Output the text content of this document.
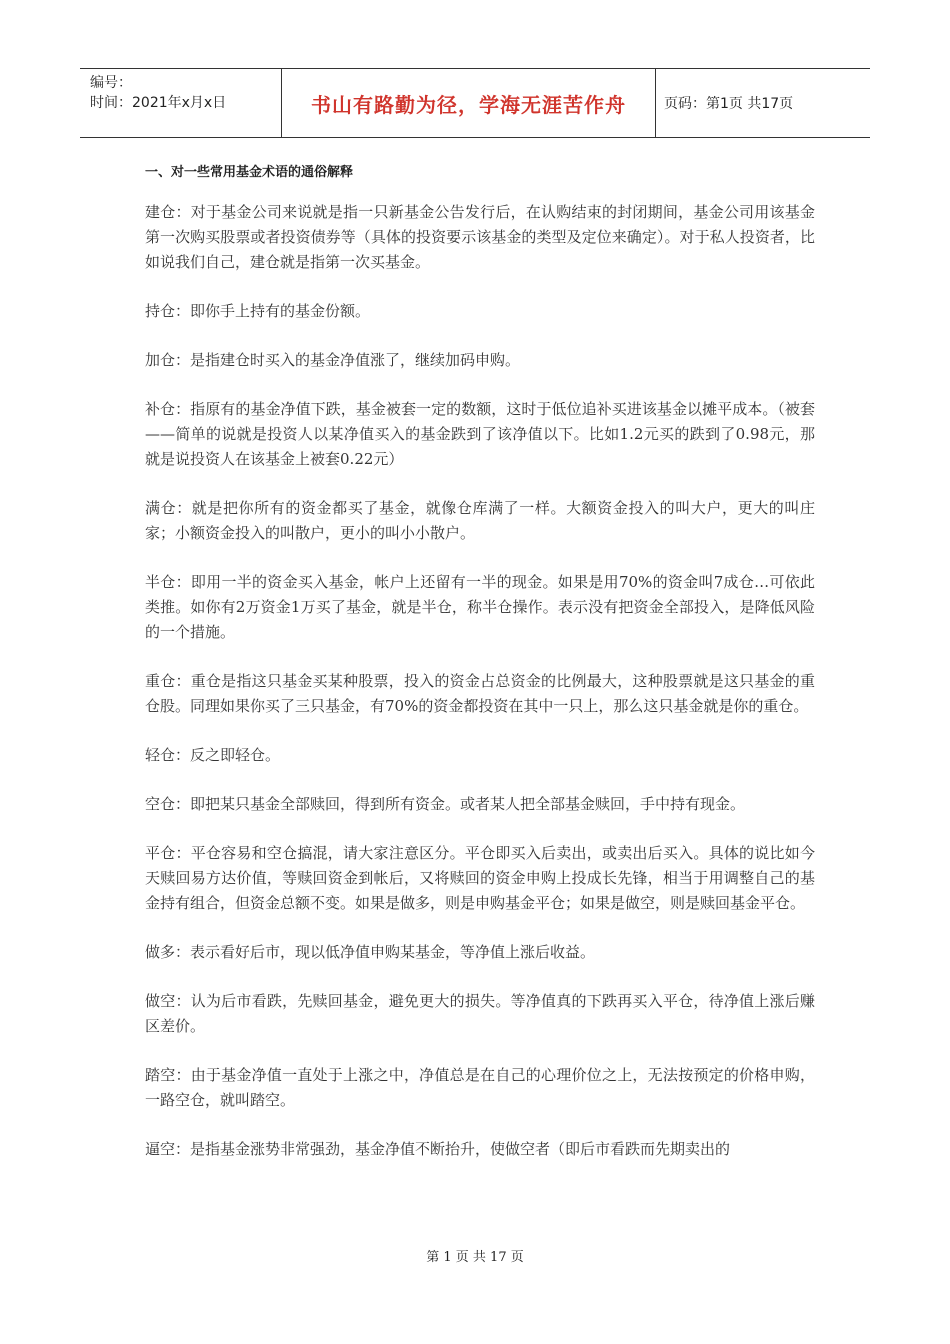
编号：
时间：2021年x月x日	书山有路勤为径，学海无涯苦作舟	页码：第1页 共17页
一、对一些常用基金术语的通俗解释

建仓：对于基金公司来说就是指一只新基金公告发行后，在认购结束的封闭期间，基金公司用该基金第一次购买股票或者投资债券等（具体的投资要示该基金的类型及定位来确定）。对于私人投资者，比如说我们自己，建仓就是指第一次买基金。

持仓：即你手上持有的基金份额。

加仓：是指建仓时买入的基金净值涨了，继续加码申购。

补仓：指原有的基金净值下跌，基金被套一定的数额，这时于低位追补买进该基金以摊平成本。（被套——简单的说就是投资人以某净值买入的基金跌到了该净值以下。比如1.2元买的跌到了0.98元，那就是说投资人在该基金上被套0.22元）

满仓：就是把你所有的资金都买了基金，就像仓库满了一样。大额资金投入的叫大户，更大的叫庄家；小额资金投入的叫散户，更小的叫小小散户。

半仓：即用一半的资金买入基金，帐户上还留有一半的现金。如果是用70%的资金叫7成仓…可依此类推。如你有2万资金1万买了基金，就是半仓，称半仓操作。表示没有把资金全部投入，是降低风险的一个措施。

重仓：重仓是指这只基金买某种股票，投入的资金占总资金的比例最大，这种股票就是这只基金的重仓股。同理如果你买了三只基金，有70%的资金都投资在其中一只上，那么这只基金就是你的重仓。

轻仓：反之即轻仓。

空仓：即把某只基金全部赎回，得到所有资金。或者某人把全部基金赎回，手中持有现金。

平仓：平仓容易和空仓搞混，请大家注意区分。平仓即买入后卖出，或卖出后买入。具体的说比如今天赎回易方达价值，等赎回资金到帐后，又将赎回的资金申购上投成长先锋，相当于用调整自己的基金持有组合，但资金总额不变。如果是做多，则是申购基金平仓；如果是做空，则是赎回基金平仓。

做多：表示看好后市，现以低净值申购某基金，等净值上涨后收益。

做空：认为后市看跌，先赎回基金，避免更大的损失。等净值真的下跌再买入平仓，待净值上涨后赚区差价。

踏空：由于基金净值一直处于上涨之中，净值总是在自己的心理价位之上，无法按预定的价格申购，一路空仓，就叫踏空。

逼空：是指基金涨势非常强劲，基金净值不断抬升，使做空者（即后市看跌而先期卖出的

第 1 页 共 17 页
